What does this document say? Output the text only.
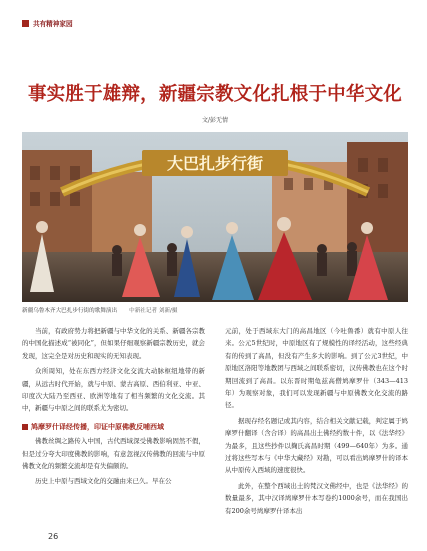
共有精神家园
事实胜于雄辩，新疆宗教文化扎根于中华文化
文/彭无情
大巴扎步行街
新疆乌鲁木齐大巴扎步行街的歌舞演出 中新社记者 刘新/摄

当前，有政府势力将把新疆与中华文化的关系、新疆各宗教的中国化描述成“被同化”，但如果仔细观察新疆宗教历史，就会发现，这完全是对历史和现实的无知表现。

众所周知，处在东西方经济文化交流大动脉枢纽地带的新疆，从远古时代开始，就与中原、蒙古高原、西伯利亚、中亚、印度次大陆乃至西亚、欧洲等地有了相当频繁的文化交流。其中，新疆与中原之间的联系尤为密切。

鸠摩罗什译经传播，印证中原佛教反哺西域

佛教丝绸之路传入中国，古代西域深受佛教影响固然不假，但是过分夸大印度佛教的影响，有意忽视汉传佛教的回流与中原佛教文化的频繁交流却是有失偏颇的。

历史上中原与西域文化的交融由来已久。早在公

元前，处于西域东大门的高昌地区（今吐鲁番）就有中原人往来。公元5世纪时，中原地区有了规模性的译经活动，这些经典有的传到了高昌，但没有产生多大的影响。到了公元3世纪，中原地区洛阳等地教团与西域之间联系密切，汉传佛教也在这个时期回流到了高昌。以东晋时期龟兹高僧鸠摩罗什（343—413年）为观察对象，我们可以发现新疆与中原佛教文化交流的路径。

据现存经名题记或其内容，结合相关文献记载，判定属于鸠摩罗什翻译（含合译）的高昌出土佛经约数十件，以《法华经》为最多，且这些抄件以麹氏高昌时期（499—640年）为多。通过将这些写本与《中华大藏经》对勘，可以看出鸠摩罗什的译本从中原传入西域的速度很快。

此外，在整个西域出土的梵汉文佛经中，也是《法华经》的数量最多，其中汉译鸠摩罗什本写卷约1000余号，而在我国出有200余号鸠摩罗什译本出

26
